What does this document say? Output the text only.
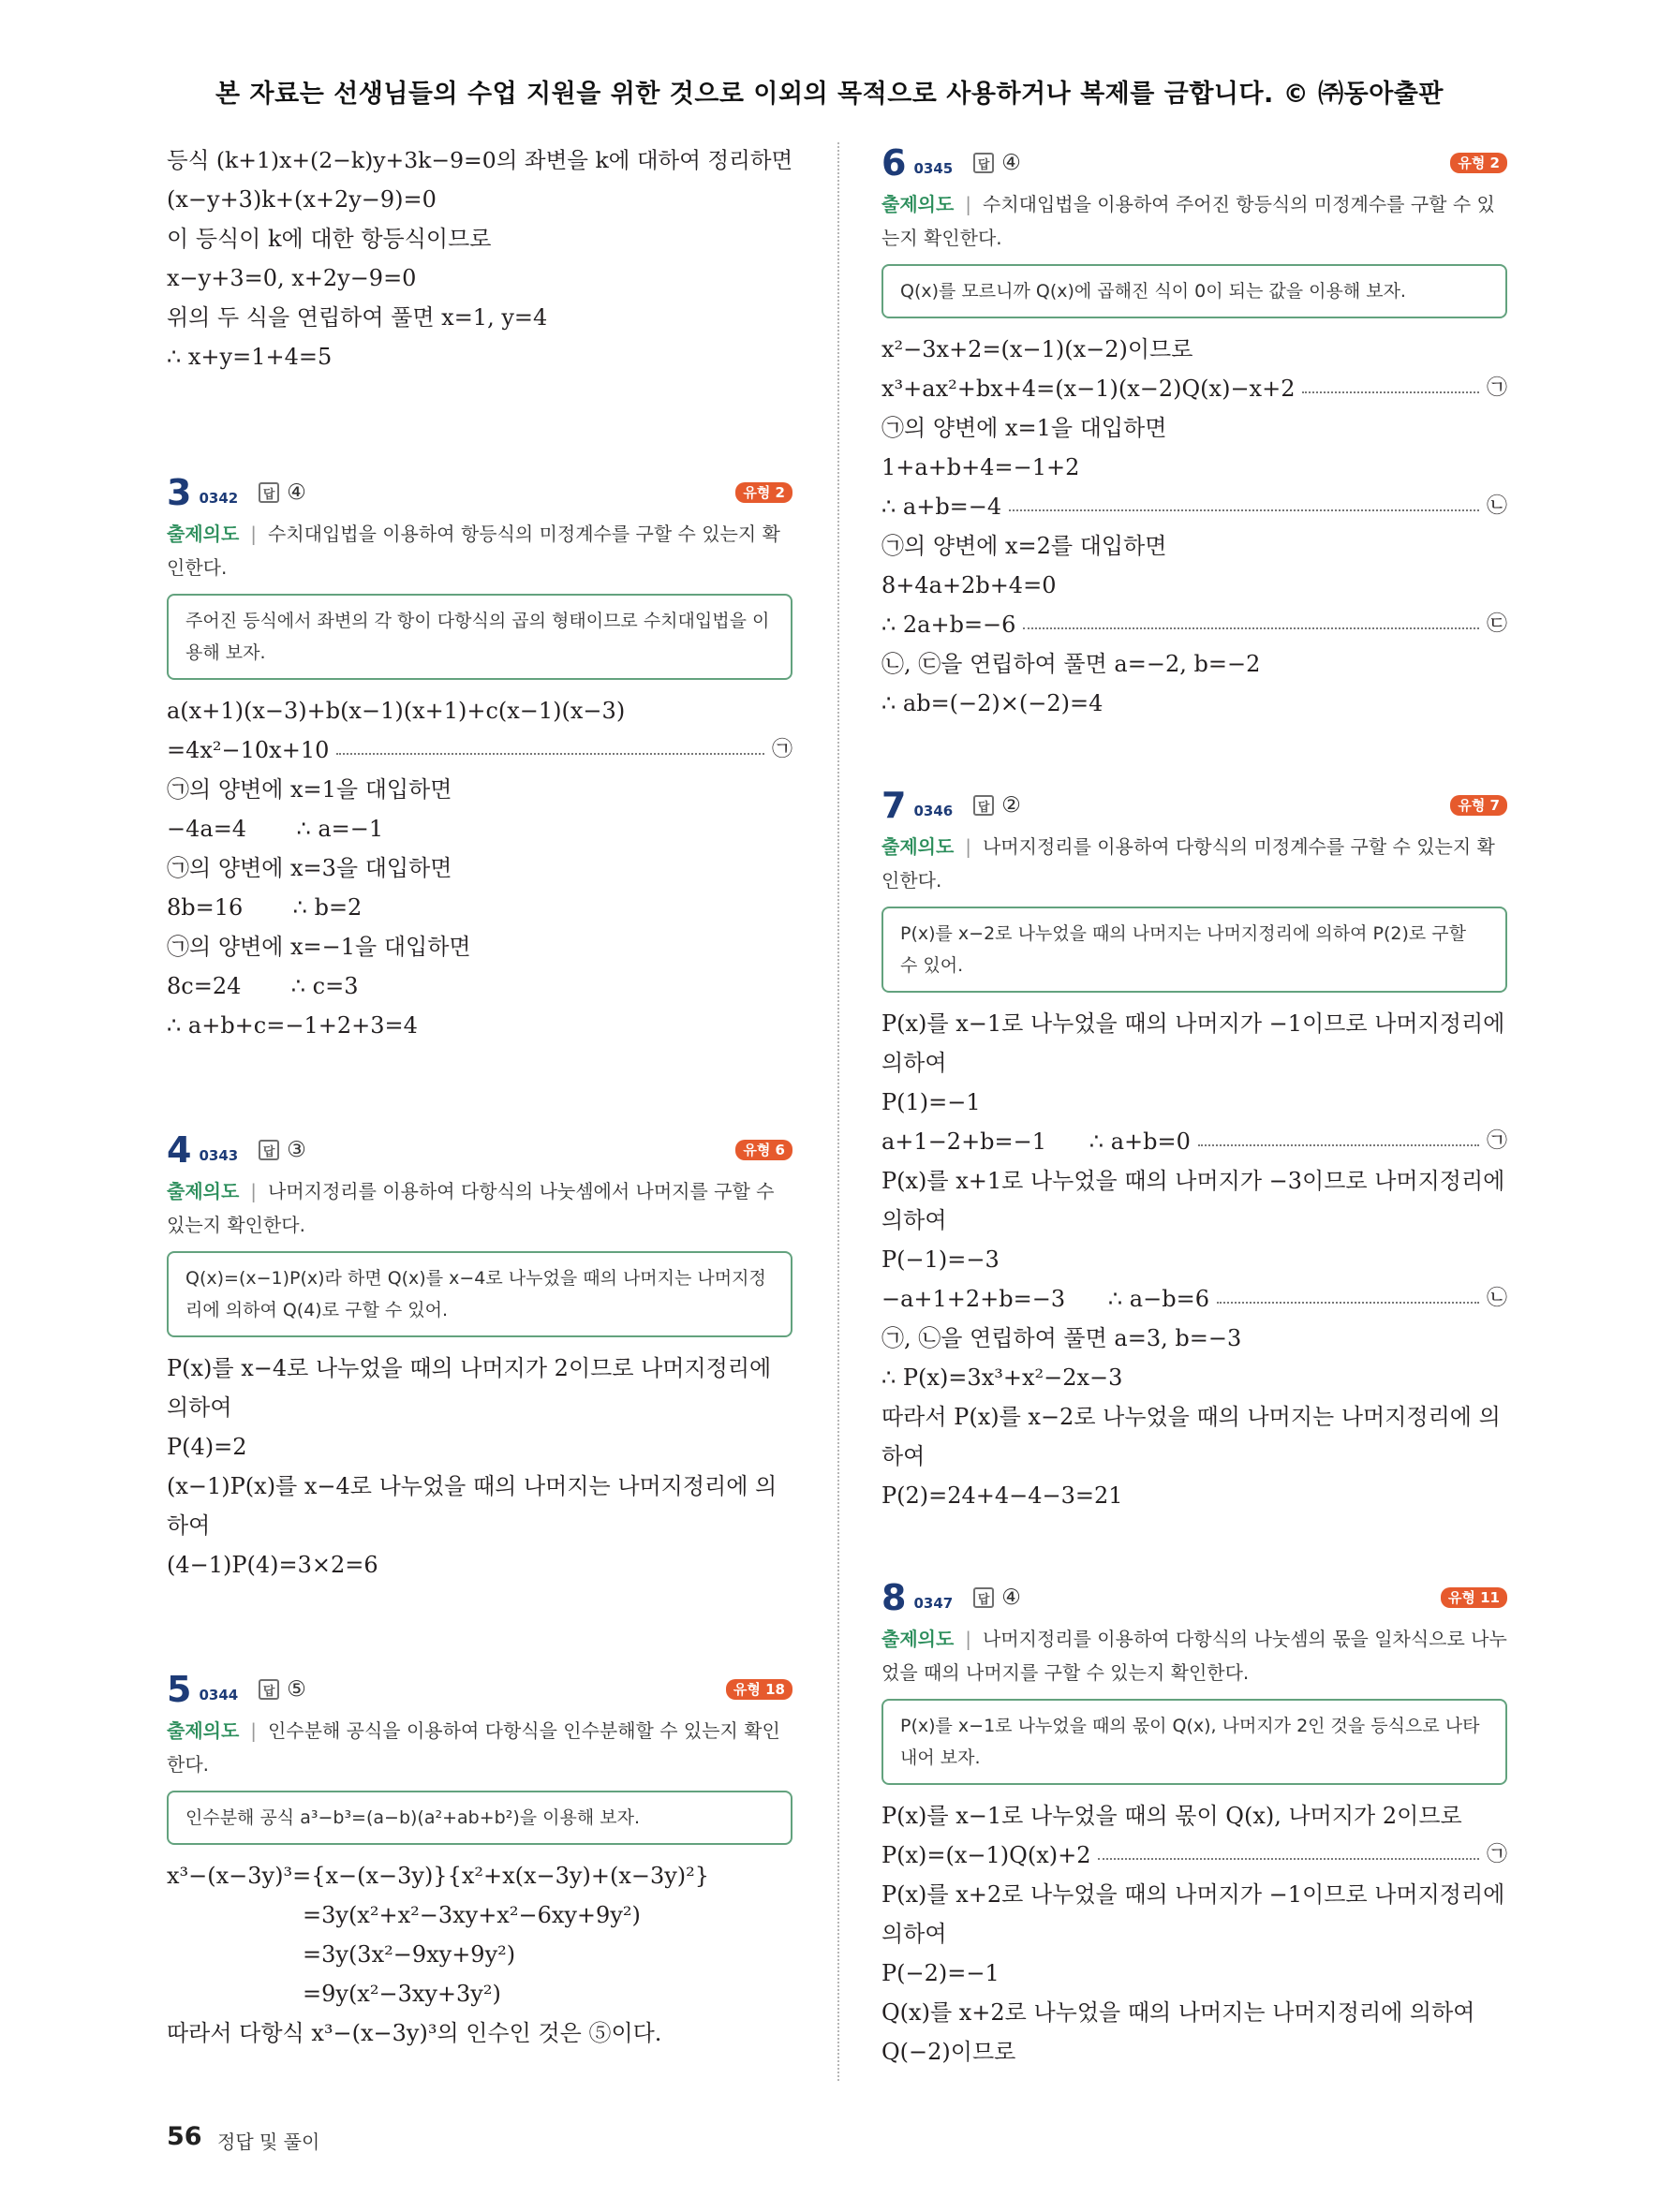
본 자료는 선생님들의 수업 지원을 위한 것으로 이외의 목적으로 사용하거나 복제를 금합니다. © ㈜동아출판
등식 (k+1)x+(2−k)y+3k−9=0의 좌변을 k에 대하여 정리하면
(x−y+3)k+(x+2y−9)=0
이 등식이 k에 대한 항등식이므로
x−y+3=0, x+2y−9=0
위의 두 식을 연립하여 풀면 x=1, y=4
∴ x+y=1+4=5
3 0342	답 ④	유형 2
출제의도 | 수치대입법을 이용하여 항등식의 미정계수를 구할 수 있는지 확인한다.
주어진 등식에서 좌변의 각 항이 다항식의 곱의 형태이므로 수치대입법을 이용해 보자.
a(x+1)(x−3)+b(x−1)(x+1)+c(x−1)(x−3)
=4x²−10x+10	㉠
㉠의 양변에 x=1을 대입하면
−4a=4       ∴ a=−1
㉠의 양변에 x=3을 대입하면
8b=16       ∴ b=2
㉠의 양변에 x=−1을 대입하면
8c=24       ∴ c=3
∴ a+b+c=−1+2+3=4
4 0343	답 ③	유형 6
출제의도 | 나머지정리를 이용하여 다항식의 나눗셈에서 나머지를 구할 수 있는지 확인한다.
Q(x)=(x−1)P(x)라 하면 Q(x)를 x−4로 나누었을 때의 나머지는 나머지정리에 의하여 Q(4)로 구할 수 있어.
P(x)를 x−4로 나누었을 때의 나머지가 2이므로 나머지정리에 의하여
P(4)=2
(x−1)P(x)를 x−4로 나누었을 때의 나머지는 나머지정리에 의하여
(4−1)P(4)=3×2=6
5 0344	답 ⑤	유형 18
출제의도 | 인수분해 공식을 이용하여 다항식을 인수분해할 수 있는지 확인한다.
인수분해 공식 a³−b³=(a−b)(a²+ab+b²)을 이용해 보자.
x³−(x−3y)³={x−(x−3y)}{x²+x(x−3y)+(x−3y)²}
=3y(x²+x²−3xy+x²−6xy+9y²)
=3y(3x²−9xy+9y²)
=9y(x²−3xy+3y²)
따라서 다항식 x³−(x−3y)³의 인수인 것은 ⑤이다.
6 0345	답 ④	유형 2
출제의도 | 수치대입법을 이용하여 주어진 항등식의 미정계수를 구할 수 있는지 확인한다.
Q(x)를 모르니까 Q(x)에 곱해진 식이 0이 되는 값을 이용해 보자.
x²−3x+2=(x−1)(x−2)이므로
x³+ax²+bx+4=(x−1)(x−2)Q(x)−x+2	㉠
㉠의 양변에 x=1을 대입하면
1+a+b+4=−1+2
∴ a+b=−4	㉡
㉠의 양변에 x=2를 대입하면
8+4a+2b+4=0
∴ 2a+b=−6	㉢
㉡, ㉢을 연립하여 풀면 a=−2, b=−2
∴ ab=(−2)×(−2)=4
7 0346	답 ②	유형 7
출제의도 | 나머지정리를 이용하여 다항식의 미정계수를 구할 수 있는지 확인한다.
P(x)를 x−2로 나누었을 때의 나머지는 나머지정리에 의하여 P(2)로 구할 수 있어.
P(x)를 x−1로 나누었을 때의 나머지가 −1이므로 나머지정리에 의하여
P(1)=−1
a+1−2+b=−1      ∴ a+b=0	㉠
P(x)를 x+1로 나누었을 때의 나머지가 −3이므로 나머지정리에 의하여
P(−1)=−3
−a+1+2+b=−3      ∴ a−b=6	㉡
㉠, ㉡을 연립하여 풀면 a=3, b=−3
∴ P(x)=3x³+x²−2x−3
따라서 P(x)를 x−2로 나누었을 때의 나머지는 나머지정리에 의하여
P(2)=24+4−4−3=21
8 0347	답 ④	유형 11
출제의도 | 나머지정리를 이용하여 다항식의 나눗셈의 몫을 일차식으로 나누었을 때의 나머지를 구할 수 있는지 확인한다.
P(x)를 x−1로 나누었을 때의 몫이 Q(x), 나머지가 2인 것을 등식으로 나타내어 보자.
P(x)를 x−1로 나누었을 때의 몫이 Q(x), 나머지가 2이므로
P(x)=(x−1)Q(x)+2	㉠
P(x)를 x+2로 나누었을 때의 나머지가 −1이므로 나머지정리에 의하여
P(−2)=−1
Q(x)를 x+2로 나누었을 때의 나머지는 나머지정리에 의하여
Q(−2)이므로
56 정답 및 풀이
